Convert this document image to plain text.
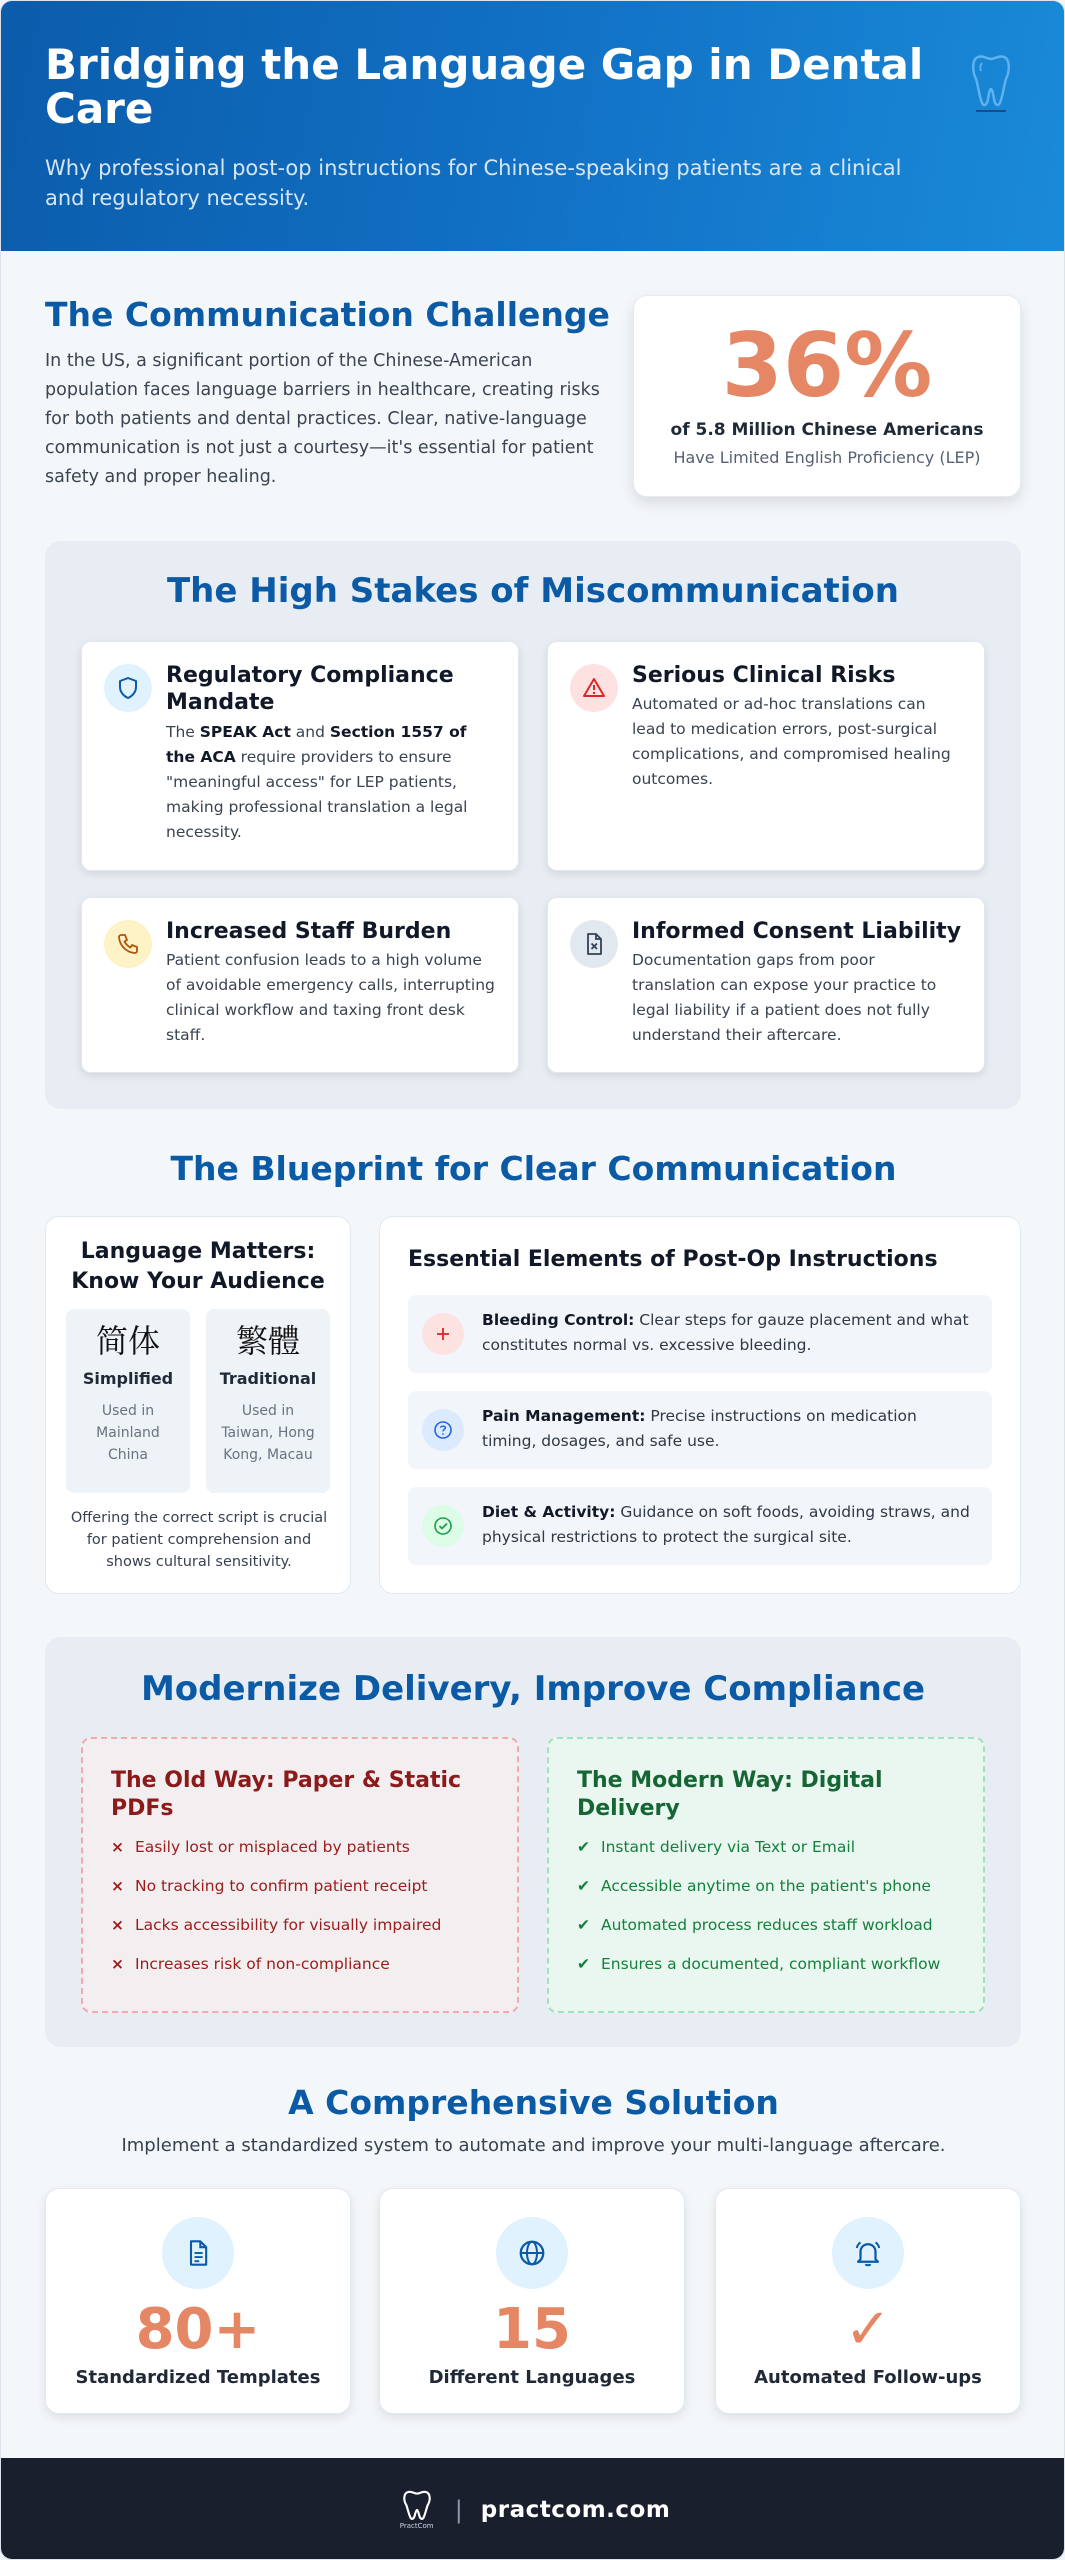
Bridging the Language Gap in Dental Care

Why professional post-op instructions for Chinese-speaking patients are a clinical and regulatory necessity.

The Communication Challenge
In the US, a significant portion of the Chinese-American population faces language barriers in healthcare, creating risks for both patients and dental practices. Clear, native-language communication is not just a courtesy—it's essential for patient safety and proper healing.
36%
of 5.8 Million Chinese Americans
Have Limited English Proficiency (LEP)
The High Stakes of Miscommunication
Regulatory Compliance Mandate
The SPEAK Act and Section 1557 of the ACA require providers to ensure "meaningful access" for LEP patients, making professional translation a legal necessity.
Serious Clinical Risks
Automated or ad-hoc translations can lead to medication errors, post-surgical complications, and compromised healing outcomes.
Increased Staff Burden
Patient confusion leads to a high volume of avoidable emergency calls, interrupting clinical workflow and taxing front desk staff.
Informed Consent Liability
Documentation gaps from poor translation can expose your practice to legal liability if a patient does not fully understand their aftercare.
The Blueprint for Clear Communication
Language Matters: Know Your Audience
简体
Simplified
Used in Mainland China
繁體
Traditional
Used in Taiwan, Hong Kong, Macau
Offering the correct script is crucial for patient comprehension and shows cultural sensitivity.
Essential Elements of Post-Op Instructions
Bleeding Control: Clear steps for gauze placement and what constitutes normal vs. excessive bleeding.
Pain Management: Precise instructions on medication timing, dosages, and safe use.
Diet & Activity: Guidance on soft foods, avoiding straws, and physical restrictions to protect the surgical site.
Modernize Delivery, Improve Compliance
The Old Way: Paper & Static PDFs
× Easily lost or misplaced by patients
× No tracking to confirm patient receipt
× Lacks accessibility for visually impaired
× Increases risk of non-compliance
The Modern Way: Digital Delivery
✔ Instant delivery via Text or Email
✔ Accessible anytime on the patient's phone
✔ Automated process reduces staff workload
✔ Ensures a documented, compliant workflow
A Comprehensive Solution
Implement a standardized system to automate and improve your multi-language aftercare.
80+
Standardized Templates
15
Different Languages
✓
Automated Follow-ups
PractCom
| practcom.com
